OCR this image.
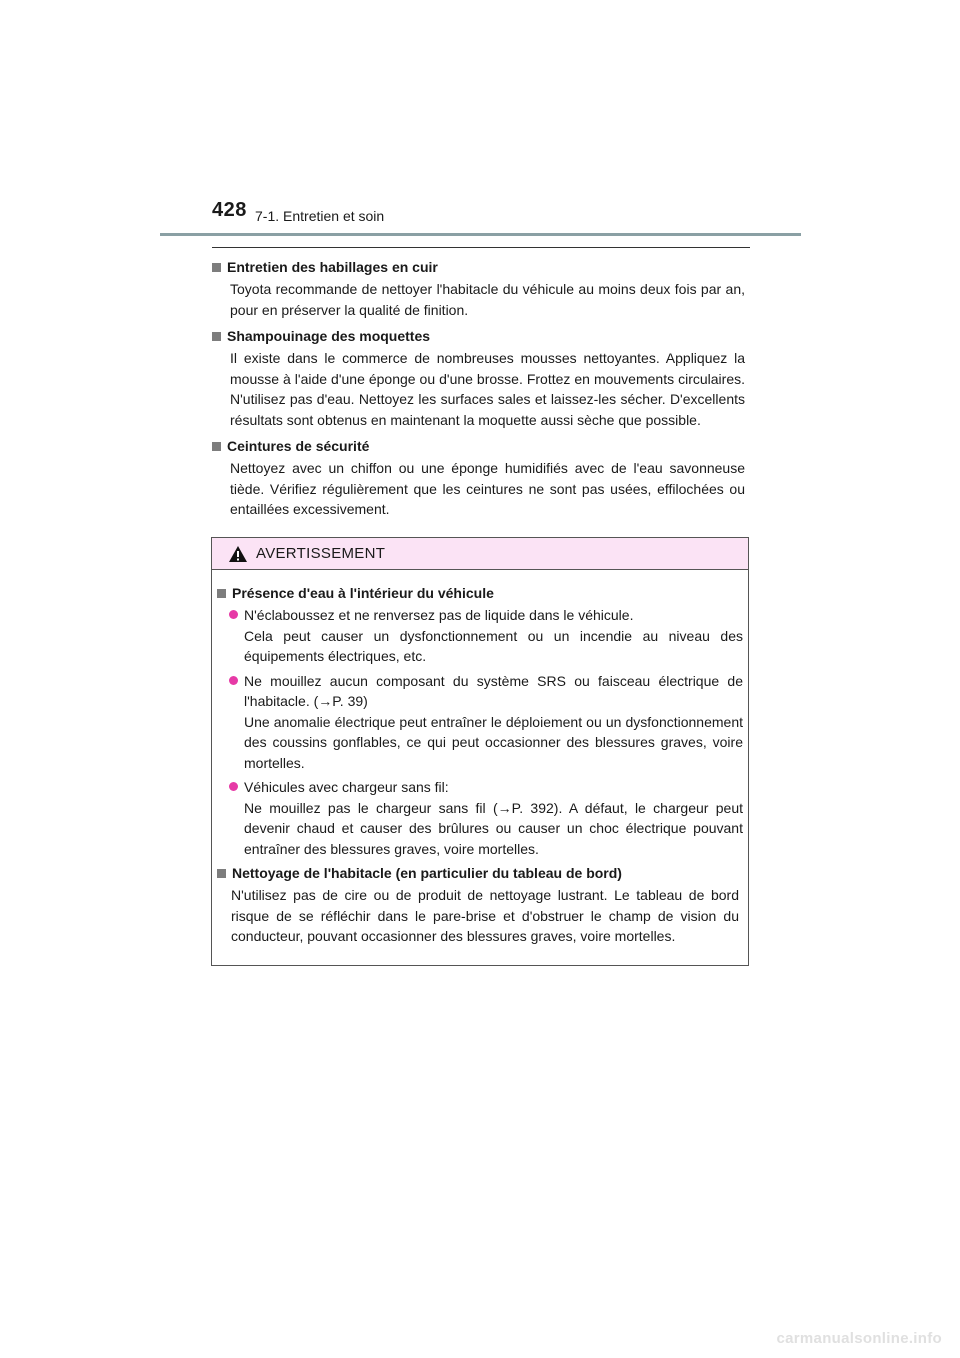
428 7-1. Entretien et soin
Entretien des habillages en cuir
Toyota recommande de nettoyer l'habitacle du véhicule au moins deux fois par an, pour en préserver la qualité de finition.
Shampouinage des moquettes
Il existe dans le commerce de nombreuses mousses nettoyantes. Appliquez la mousse à l'aide d'une éponge ou d'une brosse. Frottez en mouvements circulaires. N'utilisez pas d'eau. Nettoyez les surfaces sales et laissez-les sécher. D'excellents résultats sont obtenus en maintenant la moquette aussi sèche que possible.
Ceintures de sécurité
Nettoyez avec un chiffon ou une éponge humidifiés avec de l'eau savonneuse tiède. Vérifiez régulièrement que les ceintures ne sont pas usées, effilochées ou entaillées excessivement.
AVERTISSEMENT
Présence d'eau à l'intérieur du véhicule
N'éclaboussez et ne renversez pas de liquide dans le véhicule.
Cela peut causer un dysfonctionnement ou un incendie au niveau des équipements électriques, etc.
Ne mouillez aucun composant du système SRS ou faisceau électrique de l'habitacle. (→P. 39)
Une anomalie électrique peut entraîner le déploiement ou un dysfonctionnement des coussins gonflables, ce qui peut occasionner des blessures graves, voire mortelles.
Véhicules avec chargeur sans fil:
Ne mouillez pas le chargeur sans fil (→P. 392). A défaut, le chargeur peut devenir chaud et causer des brûlures ou causer un choc électrique pouvant entraîner des blessures graves, voire mortelles.
Nettoyage de l'habitacle (en particulier du tableau de bord)
N'utilisez pas de cire ou de produit de nettoyage lustrant. Le tableau de bord risque de se réfléchir dans le pare-brise et d'obstruer le champ de vision du conducteur, pouvant occasionner des blessures graves, voire mortelles.
carmanualsonline.info
